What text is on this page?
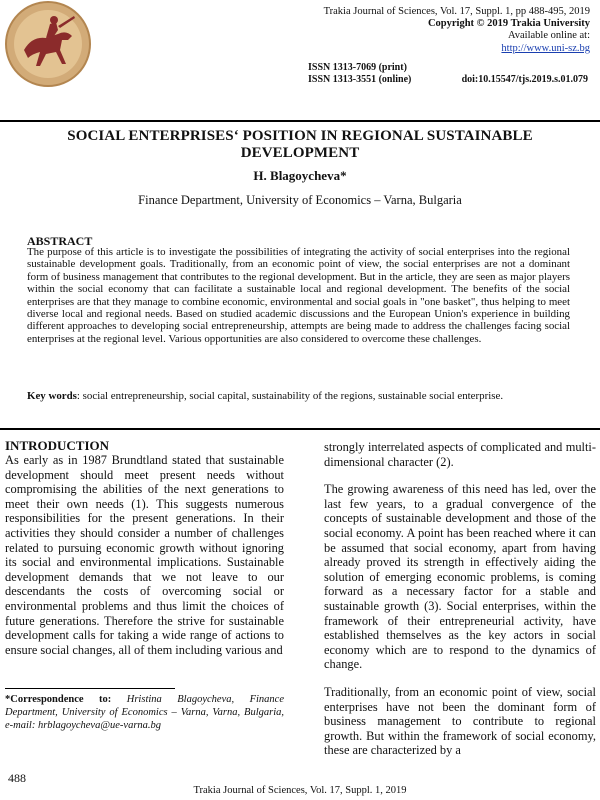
Trakia Journal of Sciences, Vol. 17, Suppl. 1, pp 488-495, 2019
Copyright © 2019 Trakia University
Available online at:
http://www.uni-sz.bg
ISSN 1313-7069 (print)
ISSN 1313-3551 (online)	doi:10.15547/tjs.2019.s.01.079
SOCIAL ENTERPRISES‘ POSITION IN REGIONAL SUSTAINABLE DEVELOPMENT
H. Blagoycheva*
Finance Department, University of Economics – Varna, Bulgaria
ABSTRACT
The purpose of this article is to investigate the possibilities of integrating the activity of social enterprises into the regional sustainable development goals. Traditionally, from an economic point of view, the social enterprises are not a dominant form of business management that contributes to the regional development. But in the article, they are seen as major players within the social economy that can facilitate a sustainable local and regional development. The benefits of the social enterprises are that they manage to combine economic, environmental and social goals in "one basket", thus helping to meet diverse local and regional needs. Based on studied academic discussions and the European Union's experience in building different approaches to developing social entrepreneurship, attempts are being made to address the challenges facing social enterprises at the regional level. Various opportunities are also considered to overcome these challenges.
Key words: social entrepreneurship, social capital, sustainability of the regions, sustainable social enterprise.
INTRODUCTION
As early as in 1987 Brundtland stated that sustainable development should meet present needs without compromising the abilities of the next generations to meet their own needs (1). This suggests numerous responsibilities for the present generations. In their activities they should consider a number of challenges related to pursuing economic growth without ignoring its social and environmental implications. Sustainable development demands that we not leave to our descendants the costs of overcoming social or environmental problems and thus limit the choices of future generations. Therefore the strive for sustainable development calls for taking a wide range of actions to ensure social changes, all of them including various and

strongly interrelated aspects of complicated and multi-dimensional character (2).

The growing awareness of this need has led, over the last few years, to a gradual convergence of the concepts of sustainable development and those of the social economy. A point has been reached where it can be assumed that social economy, apart from having already proved its strength in effectively aiding the solution of emerging economic problems, is coming forward as a necessary factor for a stable and sustainable growth (3). Social enterprises, within the framework of their entrepreneurial activity, have established themselves as the key actors in social economy which are to respond to the dynamics of change.

Traditionally, from an economic point of view, social enterprises have not been the dominant form of business management to contribute to regional growth. But within the framework of social economy, these are characterized by a

*Correspondence to: Hristina Blagoycheva, Finance Department, University of Economics – Varna, Varna, Bulgaria, e-mail: hrblagoycheva@ue-varna.bg
488
Trakia Journal of Sciences, Vol. 17, Suppl. 1, 2019
